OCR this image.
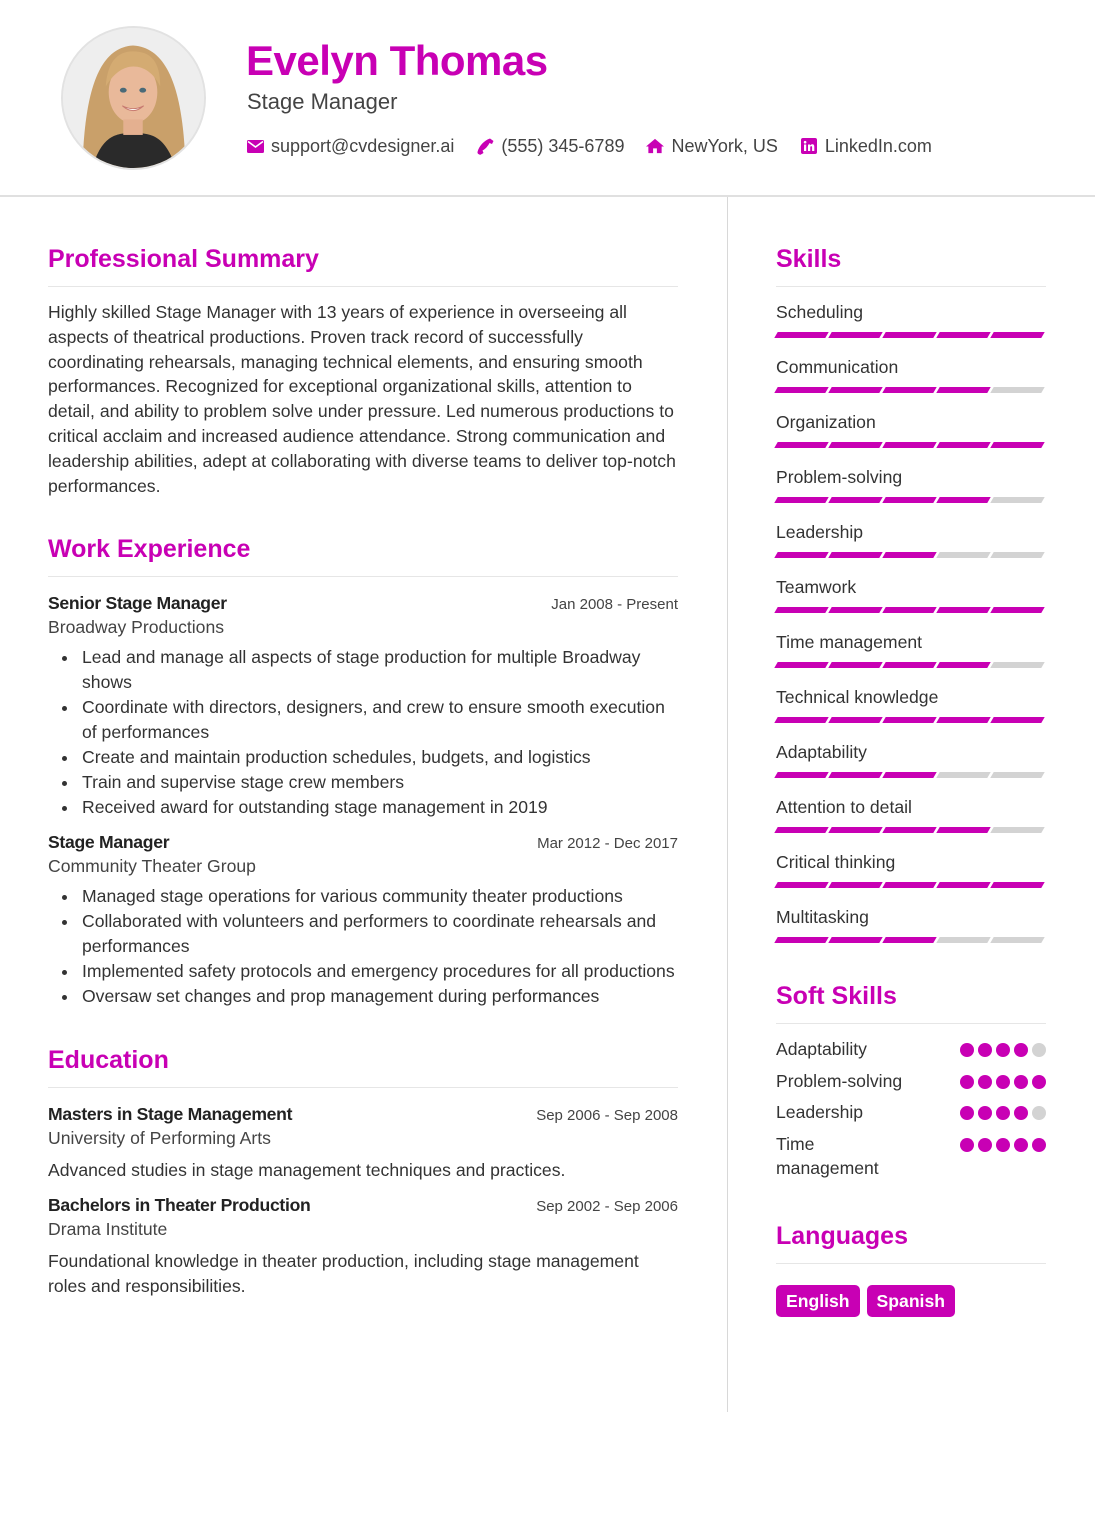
Evelyn Thomas
Stage Manager
support@cvdesigner.ai	(555) 345-6789	NewYork, US	LinkedIn.com
Professional Summary

Highly skilled Stage Manager with 13 years of experience in overseeing all aspects of theatrical productions. Proven track record of successfully coordinating rehearsals, managing technical elements, and ensuring smooth performances. Recognized for exceptional organizational skills, attention to detail, and ability to problem solve under pressure. Led numerous productions to critical acclaim and increased audience attendance. Strong communication and leadership abilities, adept at collaborating with diverse teams to deliver top-notch performances.

Work Experience
Senior Stage Manager	Jan 2008 - Present
Broadway Productions
Lead and manage all aspects of stage production for multiple Broadway shows
Coordinate with directors, designers, and crew to ensure smooth execution of performances
Create and maintain production schedules, budgets, and logistics
Train and supervise stage crew members
Received award for outstanding stage management in 2019
Stage Manager	Mar 2012 - Dec 2017
Community Theater Group
Managed stage operations for various community theater productions
Collaborated with volunteers and performers to coordinate rehearsals and performances
Implemented safety protocols and emergency procedures for all productions
Oversaw set changes and prop management during performances
Education
Masters in Stage Management	Sep 2006 - Sep 2008
University of Performing Arts

Advanced studies in stage management techniques and practices.

Bachelors in Theater Production	Sep 2002 - Sep 2006
Drama Institute

Foundational knowledge in theater production, including stage management roles and responsibilities.

Skills
Scheduling
Communication
Organization
Problem-solving
Leadership
Teamwork
Time management
Technical knowledge
Adaptability
Attention to detail
Critical thinking
Multitasking
Soft Skills
Adaptability
Problem-solving
Leadership
Time management
Languages
English	Spanish
